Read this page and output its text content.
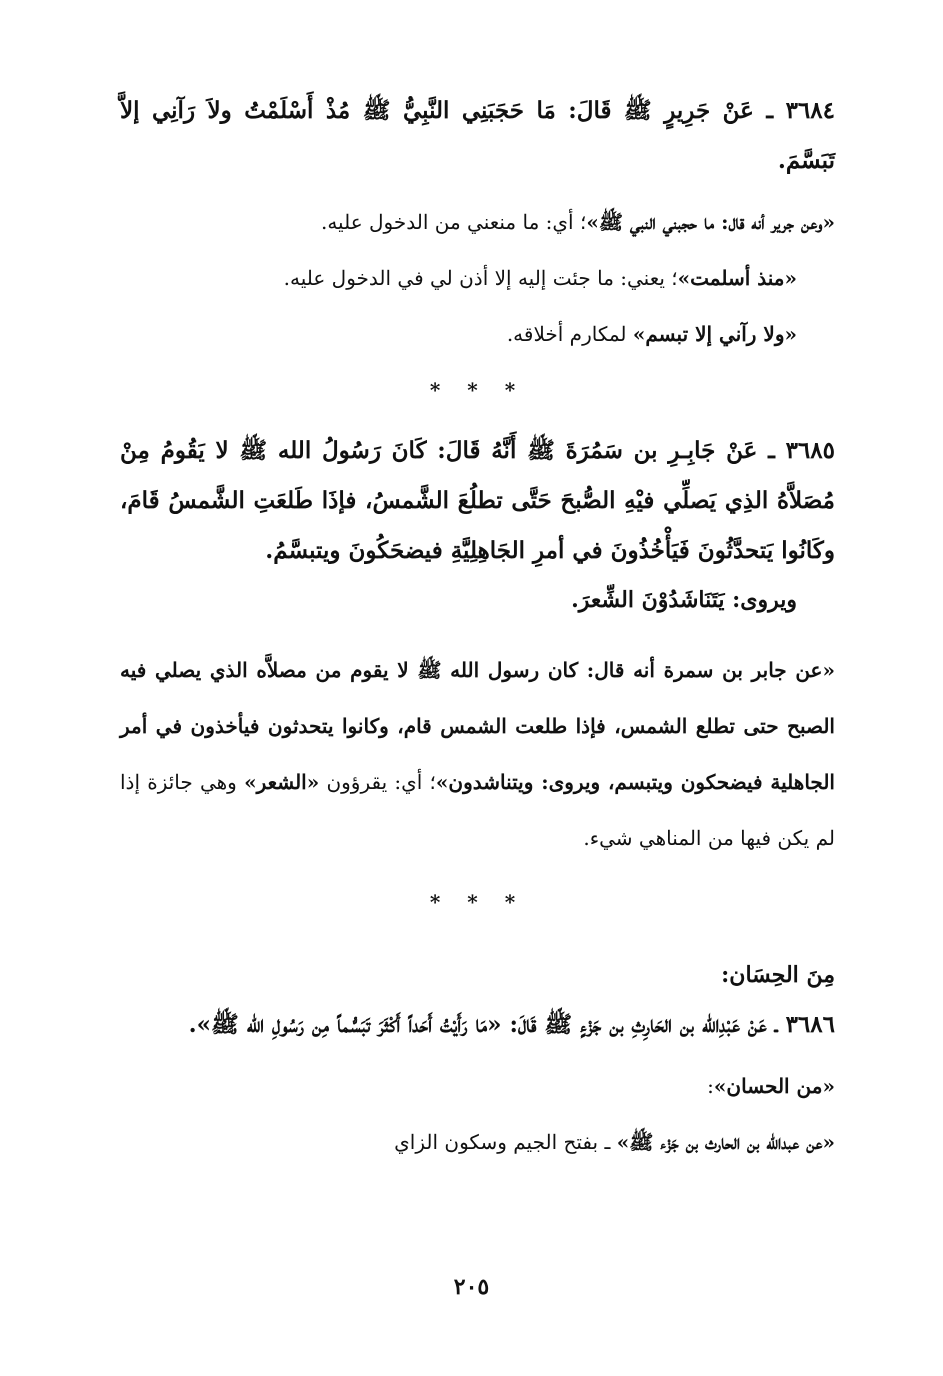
٣٦٨٤ ـ عَنْ جَرِيرٍ ﷺ قَالَ: مَا حَجَبَنِي النَّبِيُّ ﷺ مُذْ أَسْلَمْتُ ولاَ رَآنِي إلاَّ تَبَسَّمَ.

«وعن جرير أنه قال: ما حجبني النبي ﷺ»؛ أي: ما منعني من الدخول عليه.

«منذ أسلمت»؛ يعني: ما جئت إليه إلا أذن لي في الدخول عليه.

«ولا رآني إلا تبسم» لمكارم أخلاقه.

* * *

٣٦٨٥ ـ عَنْ جَابِـرِ بن سَمُرَةَ ﷺ أَنَّهُ قَالَ: كَانَ رَسُولُ الله ﷺ لا يَقُومُ مِنْ مُصَلاَّهُ الذِي يَصلِّي فيْهِ الصُّبحَ حَتَّى تطلُعَ الشَّمسُ، فإذَا طَلعَتِ الشَّمسُ قَامَ، وكَانُوا يَتحدَّثُونَ فَيَأْخُذُونَ في أمرِ الجَاهِلِيَّةِ فيضحَكُونَ ويتبسَّمُ.

ويروى: يَتَنَاشَدُوْنَ الشِّعرَ.

«عن جابر بن سمرة أنه قال: كان رسول الله ﷺ لا يقوم من مصلاَّه الذي يصلي فيه الصبح حتى تطلع الشمس، فإذا طلعت الشمس قام، وكانوا يتحدثون فيأخذون في أمر الجاهلية فيضحكون ويتبسم، ويروى: ويتناشدون»؛ أي: يقرؤون «الشعر» وهي جائزة إذا لم يكن فيها من المناهي شيء.

* * *

مِنَ الحِسَان:

٣٦٨٦ ـ عَنْ عَبْدِالله بن الحَارِثِ بن جَزْءٍ ﷺ قَالَ: «مَا رَأَيْتُ أَحَداً أَكْثَرَ تَبَسُّماً مِن رَسُولِ الله ﷺ».

«من الحسان»:

«عن عبدالله بن الحارث بن جَزْء ﷺ» ـ بفتح الجيم وسكون الزاي

٢٠٥
